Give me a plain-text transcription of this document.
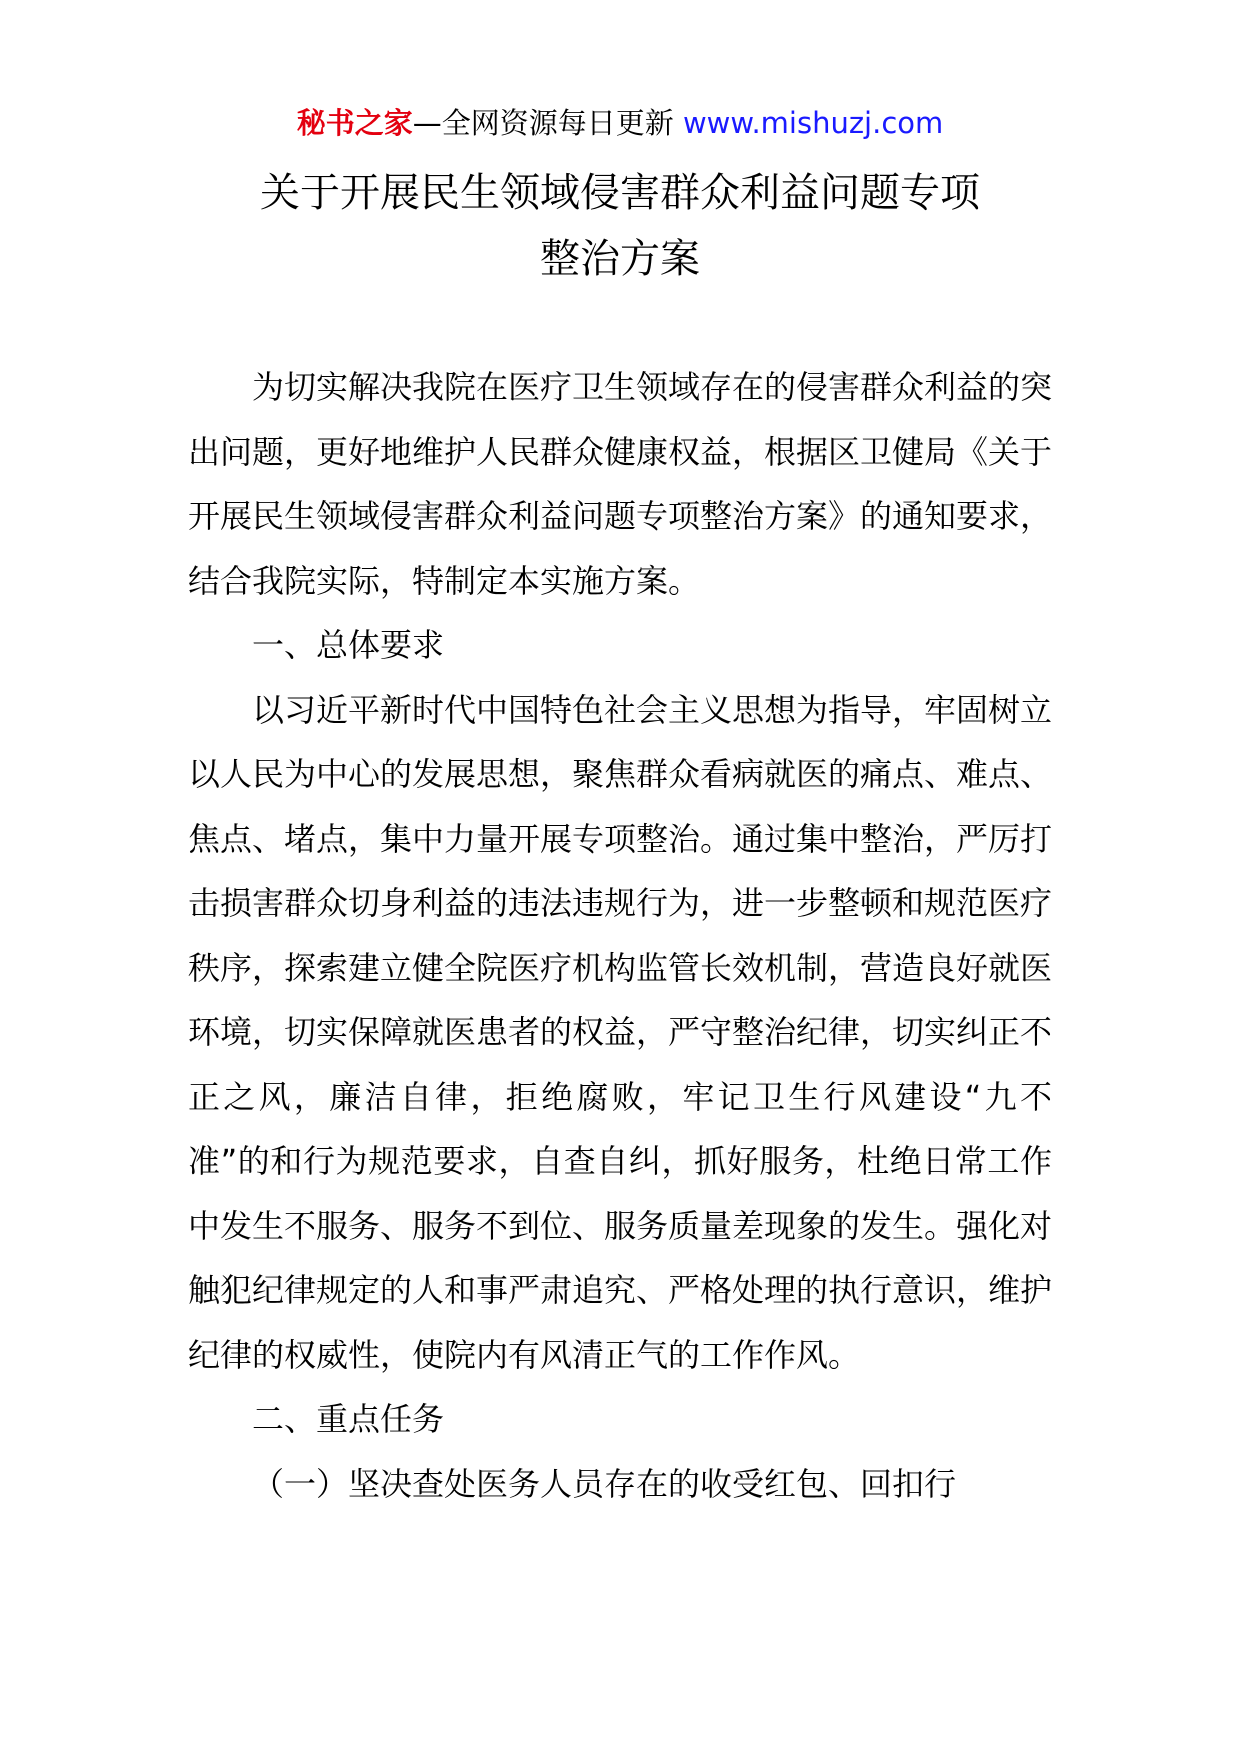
秘书之家—全网资源每日更新 www.mishuzj.com
关于开展民生领域侵害群众利益问题专项
整治方案

为切实解决我院在医疗卫生领域存在的侵害群众利益的突出问题，更好地维护人民群众健康权益，根据区卫健局《关于开展民生领域侵害群众利益问题专项整治方案》的通知要求，结合我院实际，特制定本实施方案。

一、总体要求

以习近平新时代中国特色社会主义思想为指导，牢固树立以人民为中心的发展思想，聚焦群众看病就医的痛点、难点、焦点、堵点，集中力量开展专项整治。通过集中整治，严厉打击损害群众切身利益的违法违规行为，进一步整顿和规范医疗秩序，探索建立健全院医疗机构监管长效机制，营造良好就医环境，切实保障就医患者的权益，严守整治纪律，切实纠正不正之风，廉洁自律，拒绝腐败，牢记卫生行风建设“九不准”的和行为规范要求，自查自纠，抓好服务，杜绝日常工作中发生不服务、服务不到位、服务质量差现象的发生。强化对触犯纪律规定的人和事严肃追究、严格处理的执行意识，维护纪律的权威性，使院内有风清正气的工作作风。

二、重点任务

（一）坚决查处医务人员存在的收受红包、回扣行
